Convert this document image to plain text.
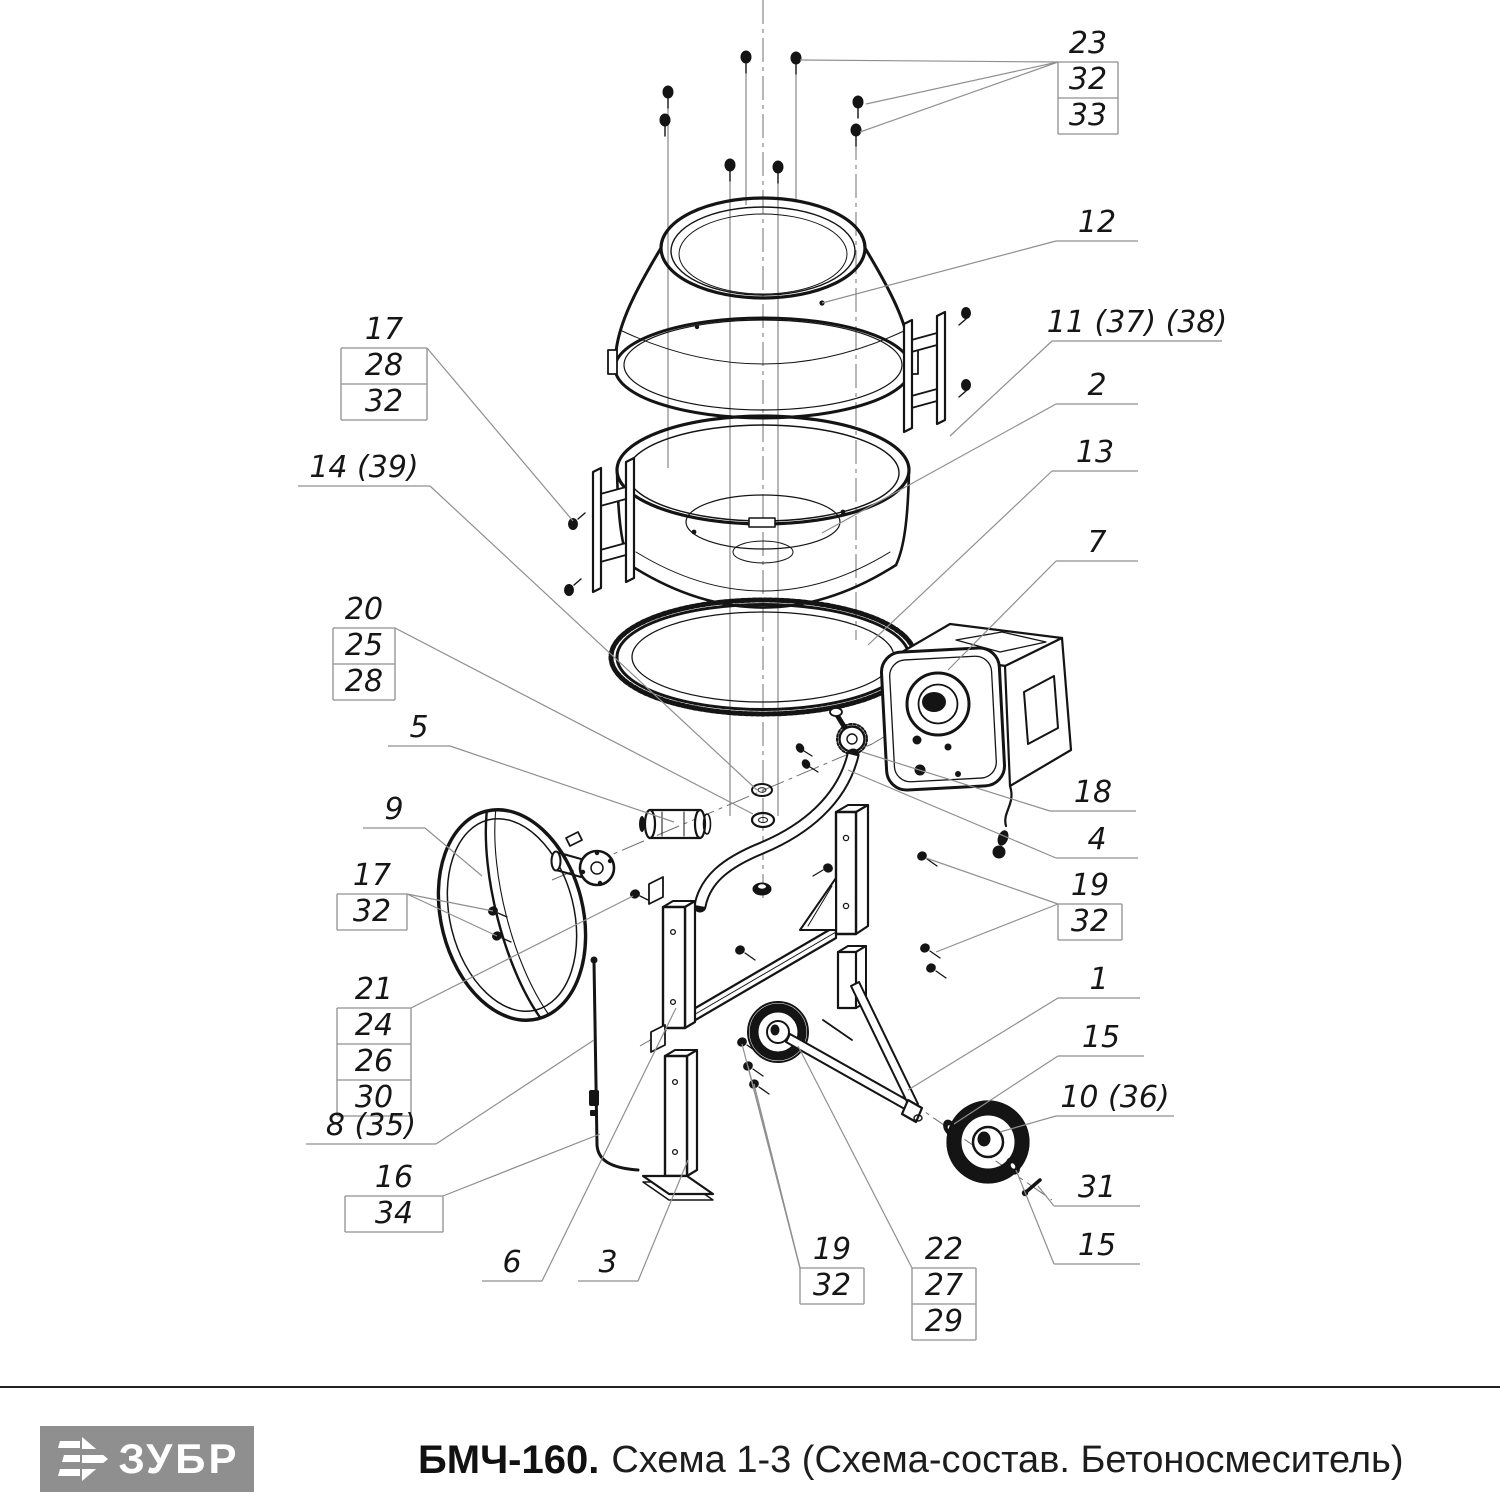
23
32
33
12
11 (37) (38)
2
13
7
18
4
19
32
1
15
10 (36)
31
15
17
28
32
14 (39)
20
25
28
5
9
17
32
21
24
26
30
8 (35)
16
34
6	3	19
32
22
27
29
ЗУБР	БМЧ-160. Схема 1-3 (Схема-состав. Бетоносмеситель)
